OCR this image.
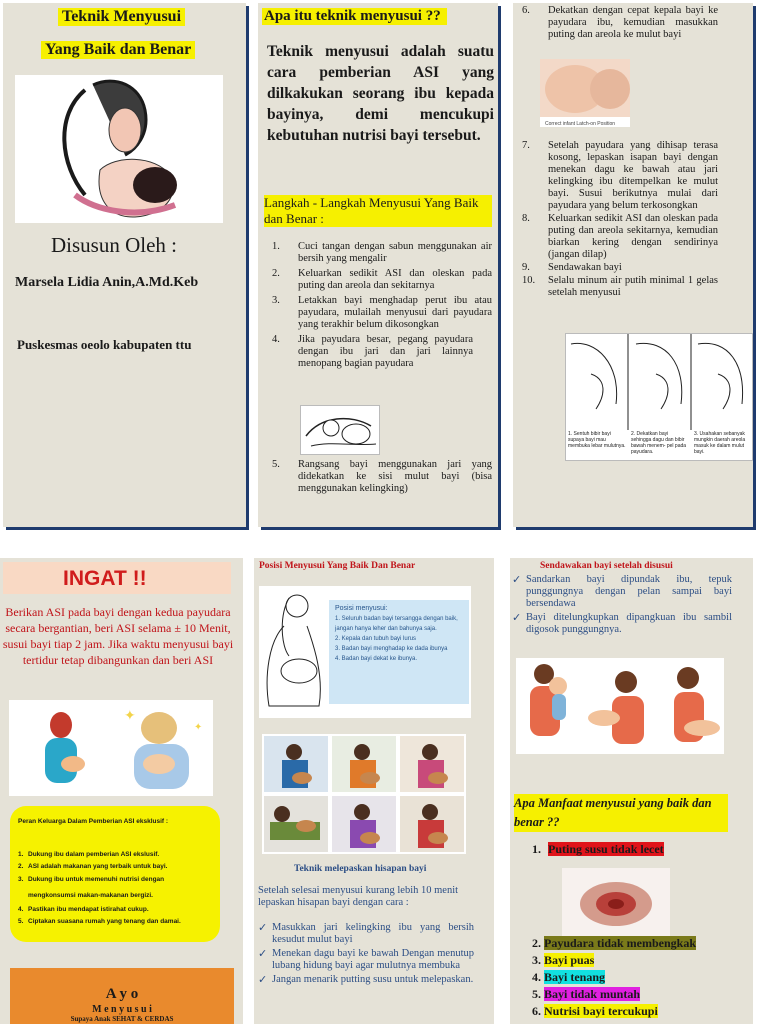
Teknik Menyusui
Yang Baik dan Benar
Disusun Oleh :
Marsela Lidia Anin,A.Md.Keb
Puskesmas oeolo kabupaten ttu
Apa itu teknik menyusui ??
Teknik menyusui adalah suatu cara pemberian ASI yang dilkakukan seorang ibu kepada bayinya, demi mencukupi kebutuhan nutrisi bayi tersebut.
Langkah - Langkah Menyusui Yang Baik dan Benar :
1. Cuci tangan dengan sabun menggunakan air bersih yang mengalir
2. Keluarkan sedikit ASI dan oleskan pada puting dan areola dan sekitarnya
3. Letakkan bayi menghadap perut ibu atau payudara, mulailah menyusui dari payudara yang terakhir belum dikosongkan
4. Jika payudara besar, pegang payudara dengan ibu jari dan jari lainnya menopang bagian payudara
5. Rangsang bayi menggunakan jari yang didekatkan ke sisi mulut bayi (bisa menggunakan kelingking)
6. Dekatkan dengan cepat kepala bayi ke payudara ibu, kemudian masukkan puting dan areola ke mulut bayi
Correct infant Latch-on Position
7. Setelah payudara yang dihisap terasa kosong, lepaskan isapan bayi dengan menekan dagu ke bawah atau jari kelingking ibu ditempelkan ke mulut bayi. Susui berikutnya mulai dari payudara yang belum terkosongkan
8. Keluarkan sedikit ASI dan oleskan pada puting dan areola sekitarnya, kemudian biarkan kering dengan sendirinya (jangan dilap)
9. Sendawakan bayi
10. Selalu minum air putih minimal 1 gelas setelah menyusui
1. Sentuh bibir bayi supaya bayi mau membuka lebar mulutnya.
2. Dekatkan bayi sehingga dagu dan bibir bawah menem- pel pada payudara.
3. Usahakan sebanyak mungkin daerah areola masuk ke dalam mulut bayi.
INGAT !!
Berikan ASI pada bayi dengan kedua payudara secara bergantian, beri ASI selama ± 10 Menit, susui bayi tiap 2 jam. Jika waktu menyusui bayi tertidur tetap dibangunkan dan beri ASI
✦
✦
Peran Keluarga Dalam Pemberian ASI eksklusif :
1. Dukung ibu dalam pemberian ASI ekslusif.
2. ASI adalah makanan yang terbaik untuk bayi.
3. Dukung ibu untuk memenuhi nutrisi dengan mengkonsumsi makan-makanan bergizi.
4. Pastikan ibu mendapat istirahat cukup.
5. Ciptakan suasana rumah yang tenang dan damai.
A y o
M e n y u s u i
Supaya Anak SEHAT & CERDAS
Posisi Menyusui Yang Baik Dan Benar
Posisi menyusui:
1. Seluruh badan bayi tersangga dengan baik, jangan hanya leher dan bahunya saja.
2. Kepala dan tubuh bayi lurus
3. Badan bayi menghadap ke dada ibunya
4. Badan bayi dekat ke ibunya.
Teknik melepaskan hisapan bayi
Setelah selesai menyusui kurang lebih 10 menit lepaskan hisapan bayi dengan cara :
✓ Masukkan jari kelingking ibu yang bersih kesudut mulut bayi
✓ Menekan dagu bayi ke bawah Dengan menutup lubang hidung bayi agar mulutnya membuka
✓ Jangan menarik putting susu untuk melepaskan.
Sendawakan bayi setelah disusui
✓ Sandarkan bayi dipundak ibu, tepuk punggungnya dengan pelan sampai bayi bersendawa
✓ Bayi ditelungkupkan dipangkuan ibu sambil digosok punggungnya.
Apa Manfaat menyusui yang baik dan benar ??
1. Puting susu tidak lecet
2. Payudara tidak membengkak
3. Bayi puas
4. Bayi tenang
5. Bayi tidak muntah
6. Nutrisi bayi tercukupi
